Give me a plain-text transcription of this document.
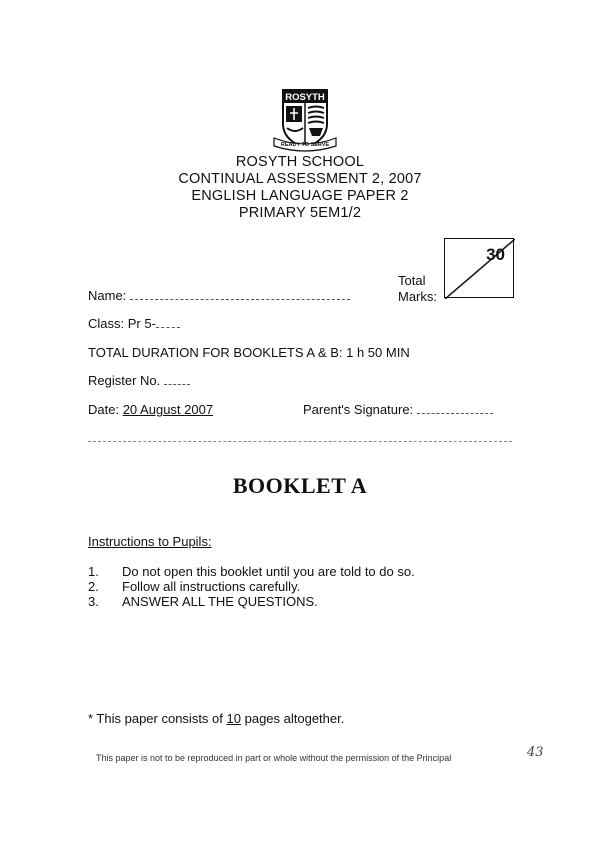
ROSYTH
READY TO SERVE
ROSYTH SCHOOL
CONTINUAL ASSESSMENT 2, 2007
ENGLISH LANGUAGE PAPER 2
PRIMARY 5EM1/2
Total
Marks:
30
Name:
Class: Pr 5-
TOTAL DURATION FOR BOOKLETS A & B: 1 h 50 MIN
Register No.
Date: 20 August 2007	Parent's Signature:
BOOKLET A
Instructions to Pupils:
1.	Do not open this booklet until you are told to do so.
2.	Follow all instructions carefully.
3.	ANSWER ALL THE QUESTIONS.
* This paper consists of 10 pages altogether.
This paper is not to be reproduced in part or whole without the permission of the Principal	43
